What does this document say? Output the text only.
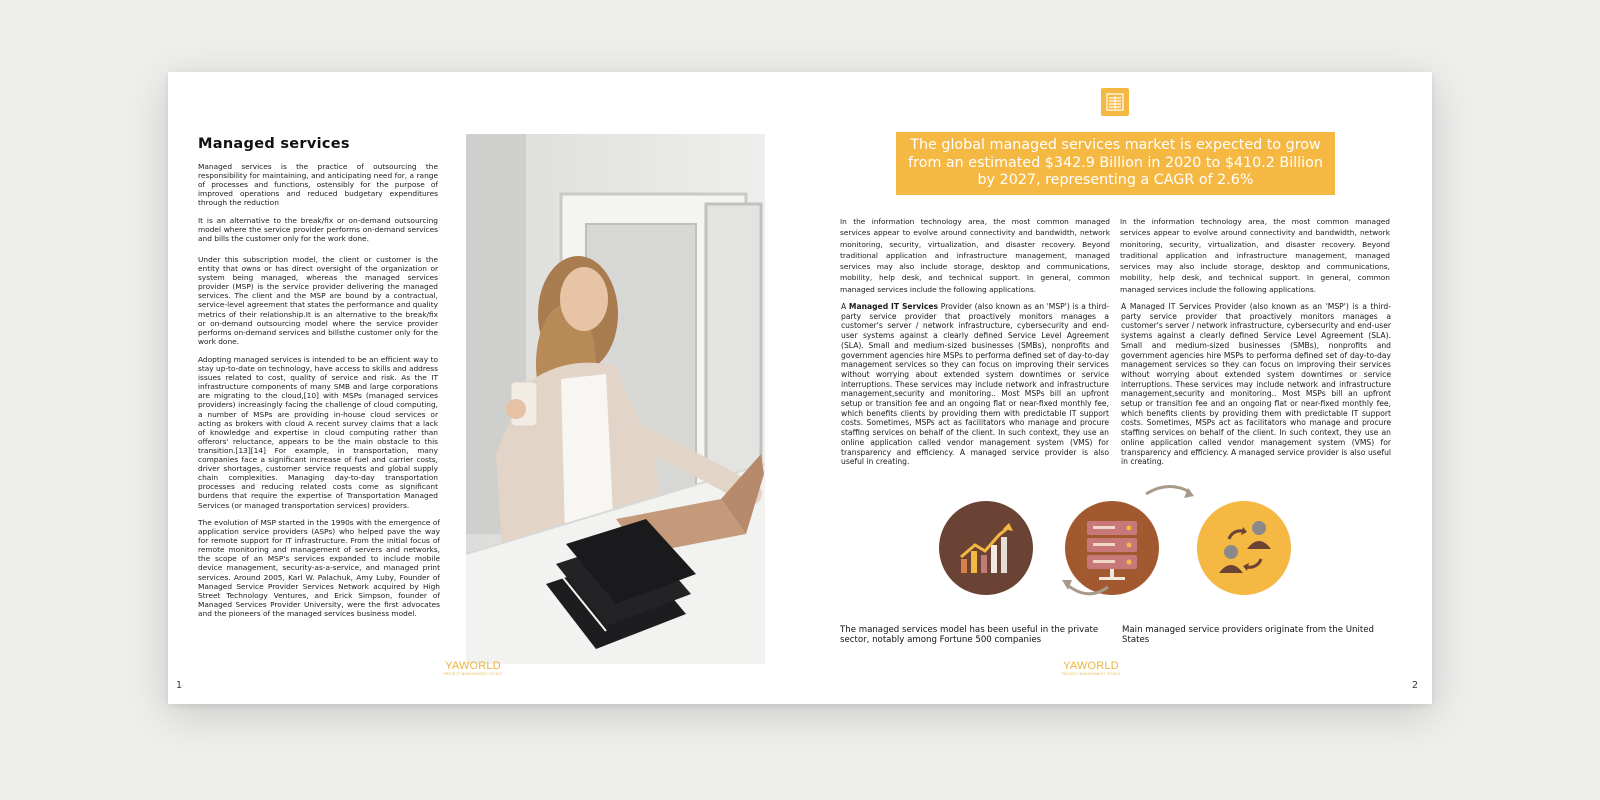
Managed services

Managed services is the practice of outsourcing the responsibility for maintaining, and anticipating need for, a range of processes and functions, ostensibly for the purpose of improved operations and reduced budgetary expenditures through the reduction

It is an alternative to the break/fix or on-demand outsourcing model where the service provider performs on-demand services and bills the customer only for the work done.

Under this subscription model, the client or customer is the entity that owns or has direct oversight of the organization or system being managed, whereas the managed services provider (MSP) is the service provider delivering the managed services. The client and the MSP are bound by a contractual, service-level agreement that states the performance and quality metrics of their relationship.It is an alternative to the break/fix or on-demand outsourcing model where the service provider performs on-demand services and billsthe customer only for the work done.

Adopting managed services is intended to be an efficient way to stay up-to-date on technology, have access to skills and address issues related to cost, quality of service and risk. As the IT infrastructure components of many SMB and large corporations are migrating to the cloud,[10] with MSPs (managed services providers) increasingly facing the challenge of cloud computing, a number of MSPs are providing in-house cloud services or acting as brokers with cloud A recent survey claims that a lack of knowledge and expertise in cloud computing rather than offerors' reluctance, appears to be the main obstacle to this transition.[13][14] For example, in transportation, many companies face a significant increase of fuel and carrier costs, driver shortages, customer service requests and global supply chain complexities. Managing day-to-day transportation processes and reducing related costs come as significant burdens that require the expertise of Transportation Managed Services (or managed transportation services) providers.

The evolution of MSP started in the 1990s with the emergence of application service providers (ASPs) who helped pave the way for remote support for IT infrastructure. From the initial focus of remote monitoring and management of servers and networks, the scope of an MSP's services expanded to include mobile device management, security-as-a-service, and managed print services. Around 2005, Karl W. Palachuk, Amy Luby, Founder of Managed Service Provider Services Network acquired by High Street Technology Ventures, and Erick Simpson, founder of Managed Services Provider University, were the first advocates and the pioneers of the managed services business model.

YAWORLD
PROJECT MANAGEMENT STUDIO
1
The global managed services market is expected to grow from an estimated $342.9 Billion in 2020 to $410.2 Billion by 2027, representing a CAGR of 2.6%

In the information technology area, the most common managed services appear to evolve around connectivity and bandwidth, network monitoring, security, virtualization, and disaster recovery. Beyond traditional application and infrastructure management, managed services may also include storage, desktop and communications, mobility, help desk, and technical support. In general, common managed services include the following applications.

In the information technology area, the most common managed services appear to evolve around connectivity and bandwidth, network monitoring, security, virtualization, and disaster recovery. Beyond traditional application and infrastructure management, managed services may also include storage, desktop and communications, mobility, help desk, and technical support. In general, common managed services include the following applications.

A Managed IT Services Provider (also known as an 'MSP') is a third-party service provider that proactively monitors manages a customer's server / network infrastructure, cybersecurity and end-user systems against a clearly defined Service Level Agreement (SLA). Small and medium-sized businesses (SMBs), nonprofits and government agencies hire MSPs to performa defined set of day-to-day management services so they can focus on improving their services without worrying about extended system downtimes or service interruptions. These services may include network and infrastructure management,security and monitoring.. Most MSPs bill an upfront setup or transition fee and an ongoing flat or near-fixed monthly fee, which benefits clients by providing them with predictable IT support costs. Sometimes, MSPs act as facilitators who manage and procure staffing services on behalf of the client. In such context, they use an online application called vendor management system (VMS) for transparency and efficiency. A managed service provider is also useful in creating.

A Managed IT Services Provider (also known as an 'MSP') is a third-party service provider that proactively monitors manages a customer's server / network infrastructure, cybersecurity and end-user systems against a clearly defined Service Level Agreement (SLA). Small and medium-sized businesses (SMBs), nonprofits and government agencies hire MSPs to performa defined set of day-to-day management services so they can focus on improving their services without worrying about extended system downtimes or service interruptions. These services may include network and infrastructure management,security and monitoring.. Most MSPs bill an upfront setup or transition fee and an ongoing flat or near-fixed monthly fee, which benefits clients by providing them with predictable IT support costs. Sometimes, MSPs act as facilitators who manage and procure staffing services on behalf of the client. In such context, they use an online application called vendor management system (VMS) for transparency and efficiency. A managed service provider is also useful in creating.

The managed services model has been useful in the private sector, notably among Fortune 500 companies
Main managed service providers originate from the United States
YAWORLD
PROJECT MANAGEMENT STUDIO
2
